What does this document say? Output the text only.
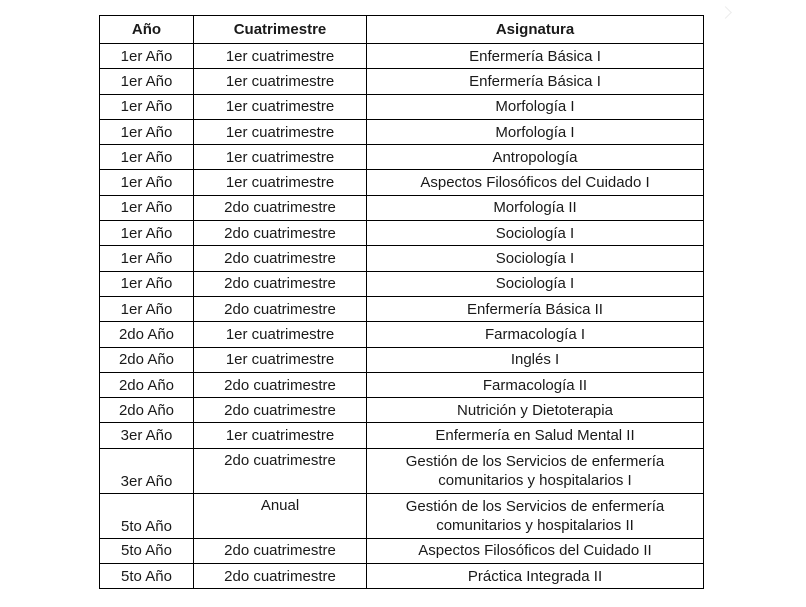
Año	Cuatrimestre	Asignatura
1er Año	1er cuatrimestre	Enfermería Básica I
1er Año	1er cuatrimestre	Enfermería Básica I
1er Año	1er cuatrimestre	Morfología I
1er Año	1er cuatrimestre	Morfología I
1er Año	1er cuatrimestre	Antropología
1er Año	1er cuatrimestre	Aspectos Filosóficos del Cuidado I
1er Año	2do cuatrimestre	Morfología II
1er Año	2do cuatrimestre	Sociología I
1er Año	2do cuatrimestre	Sociología I
1er Año	2do cuatrimestre	Sociología I
1er Año	2do cuatrimestre	Enfermería Básica II
2do Año	1er cuatrimestre	Farmacología I
2do Año	1er cuatrimestre	Inglés I
2do Año	2do cuatrimestre	Farmacología II
2do Año	2do cuatrimestre	Nutrición y Dietoterapia
3er Año	1er cuatrimestre	Enfermería en Salud Mental II
3er Año	2do cuatrimestre	Gestión de los Servicios de enfermería comunitarios y hospitalarios I
5to Año	Anual	Gestión de los Servicios de enfermería comunitarios y hospitalarios II
5to Año	2do cuatrimestre	Aspectos Filosóficos del Cuidado II
5to Año	2do cuatrimestre	Práctica Integrada II
